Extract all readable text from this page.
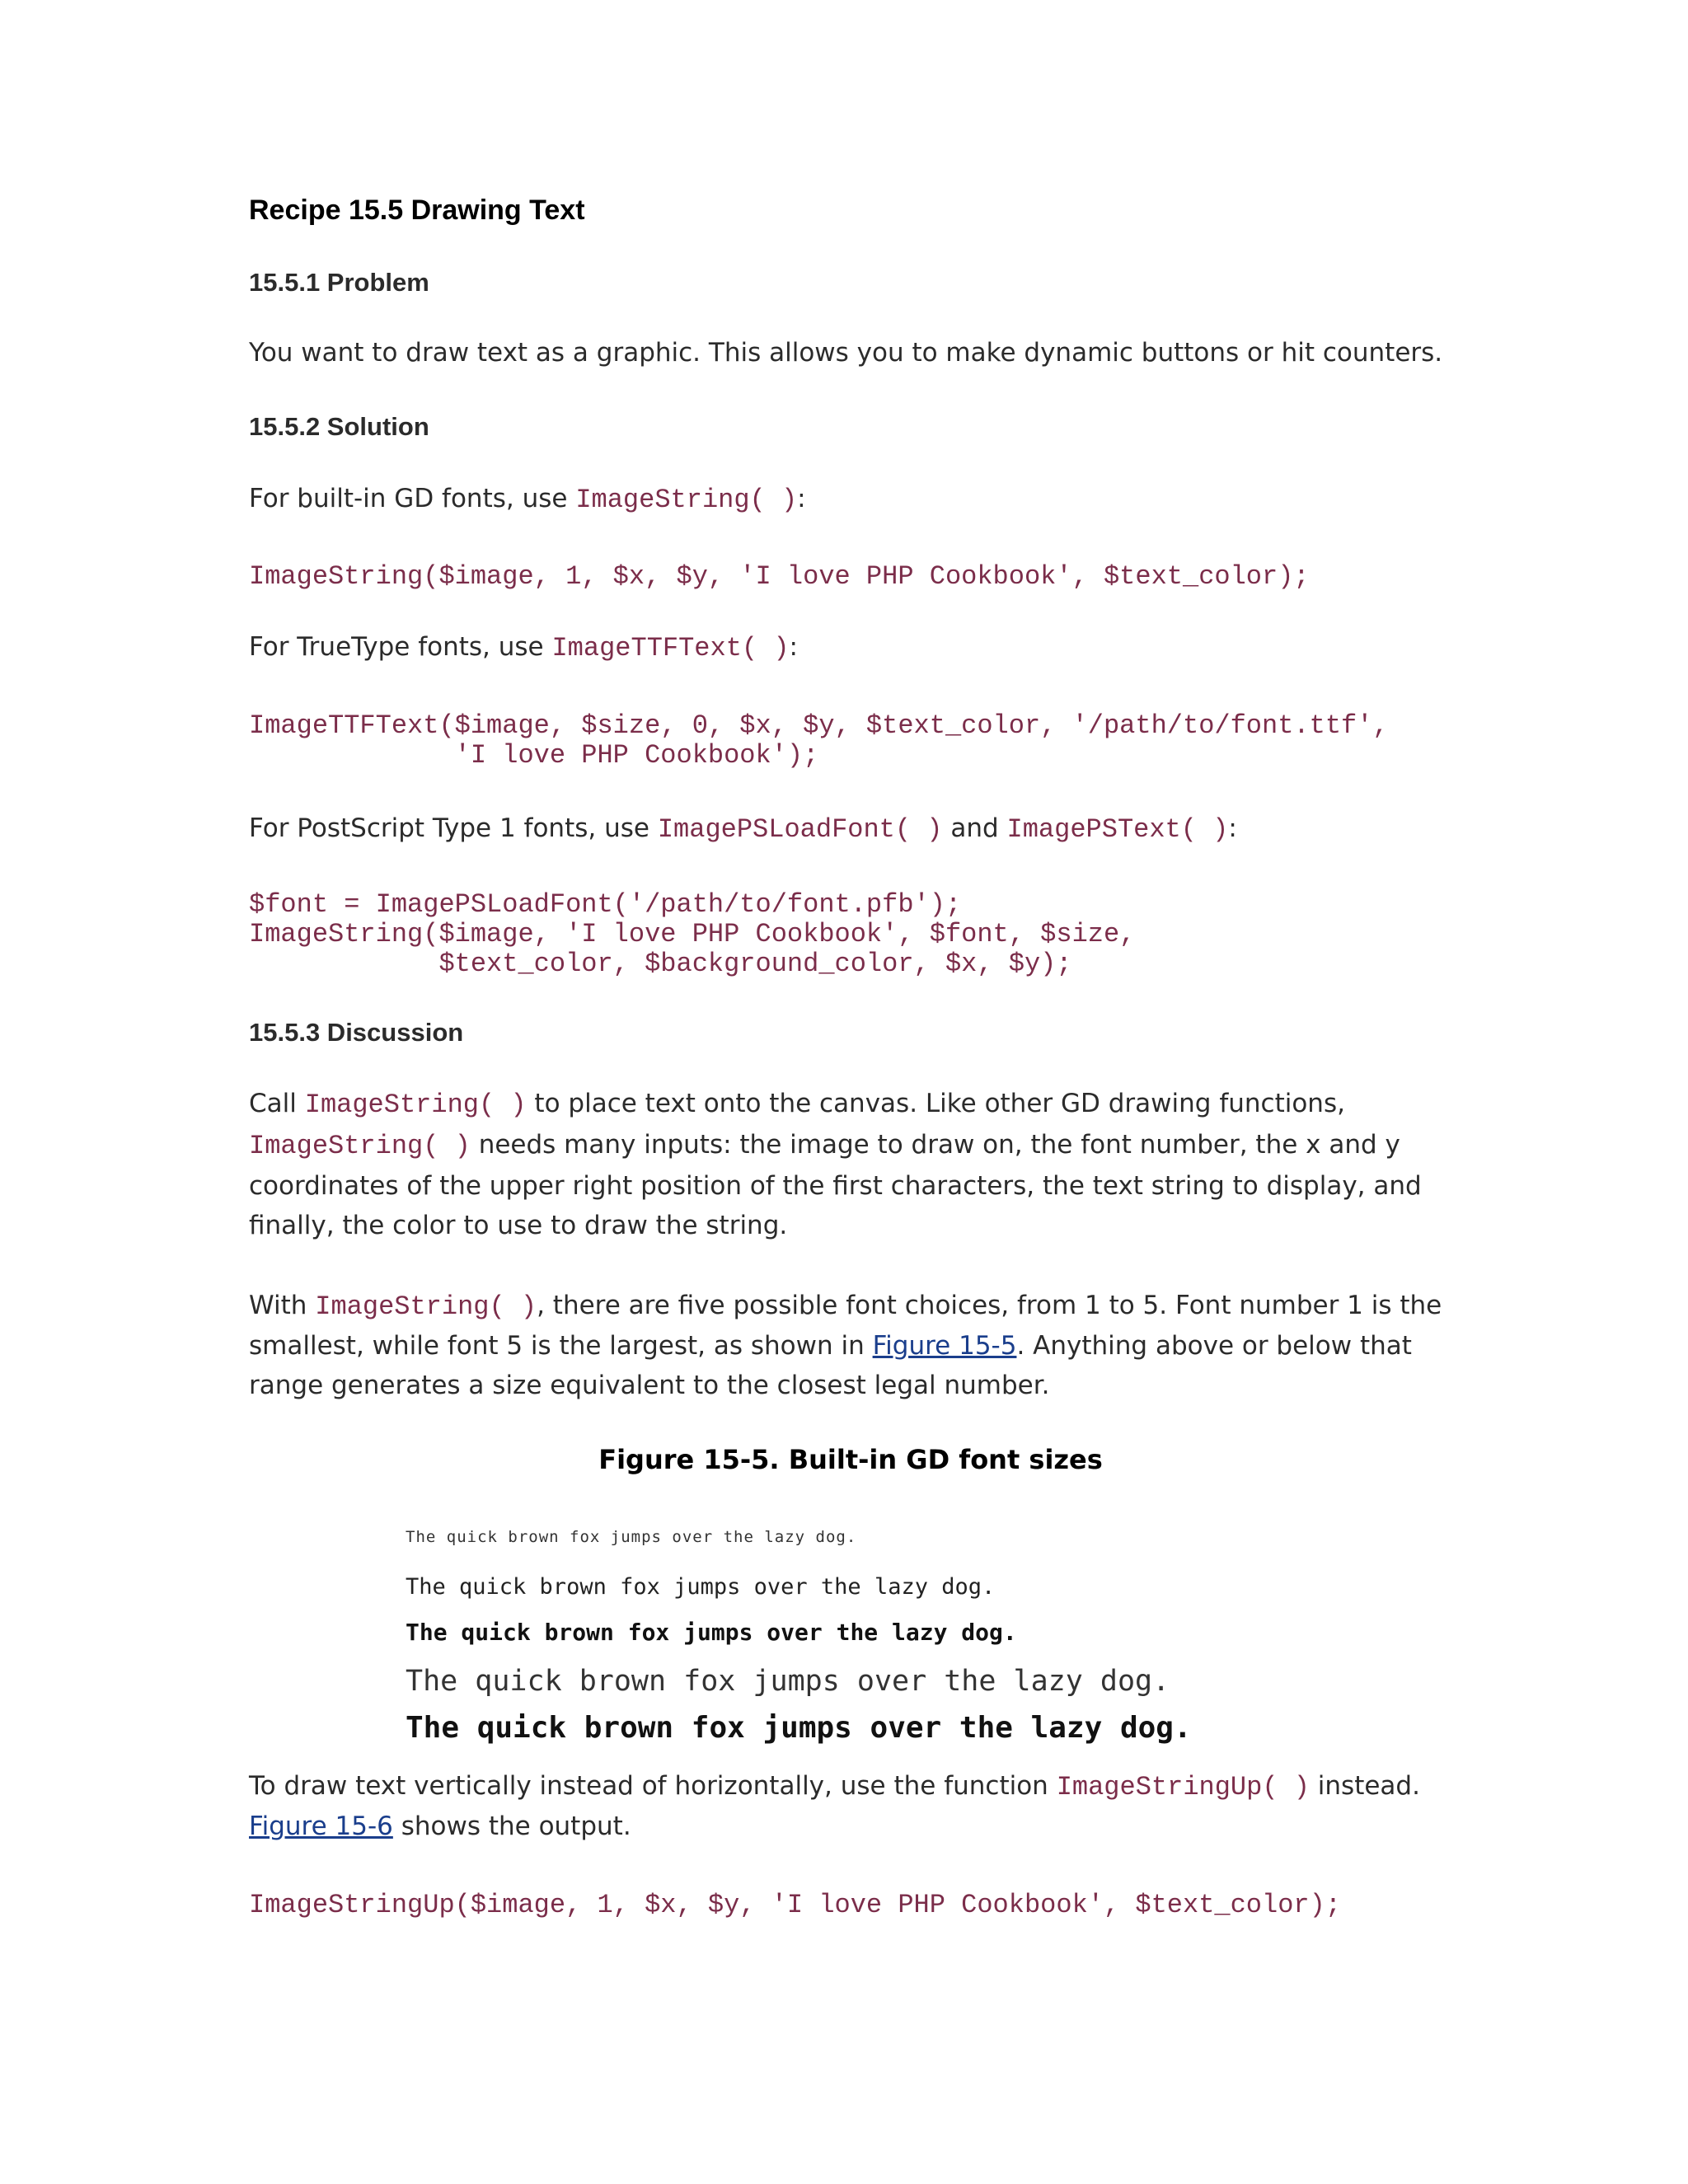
Recipe 15.5 Drawing Text
15.5.1 Problem
You want to draw text as a graphic. This allows you to make dynamic buttons or hit counters.
15.5.2 Solution
For built-in GD fonts, use ImageString( ):
ImageString($image, 1, $x, $y, 'I love PHP Cookbook', $text_color);
For TrueType fonts, use ImageTTFText( ):
ImageTTFText($image, $size, 0, $x, $y, $text_color, '/path/to/font.ttf',
'I love PHP Cookbook');
For PostScript Type 1 fonts, use ImagePSLoadFont( ) and ImagePSText( ):
$font = ImagePSLoadFont('/path/to/font.pfb');
ImageString($image, 'I love PHP Cookbook', $font, $size,
$text_color, $background_color, $x, $y);
15.5.3 Discussion
Call ImageString( ) to place text onto the canvas. Like other GD drawing functions,
ImageString( ) needs many inputs: the image to draw on, the font number, the x and y
coordinates of the upper right position of the first characters, the text string to display, and
finally, the color to use to draw the string.
With ImageString( ), there are five possible font choices, from 1 to 5. Font number 1 is the
smallest, while font 5 is the largest, as shown in Figure 15-5. Anything above or below that
range generates a size equivalent to the closest legal number.
Figure 15-5. Built-in GD font sizes
The quick brown fox jumps over the lazy dog.
The quick brown fox jumps over the lazy dog.
The quick brown fox jumps over the lazy dog.
The quick brown fox jumps over the lazy dog.
The quick brown fox jumps over the lazy dog.
To draw text vertically instead of horizontally, use the function ImageStringUp( ) instead.
Figure 15-6 shows the output.
ImageStringUp($image, 1, $x, $y, 'I love PHP Cookbook', $text_color);
